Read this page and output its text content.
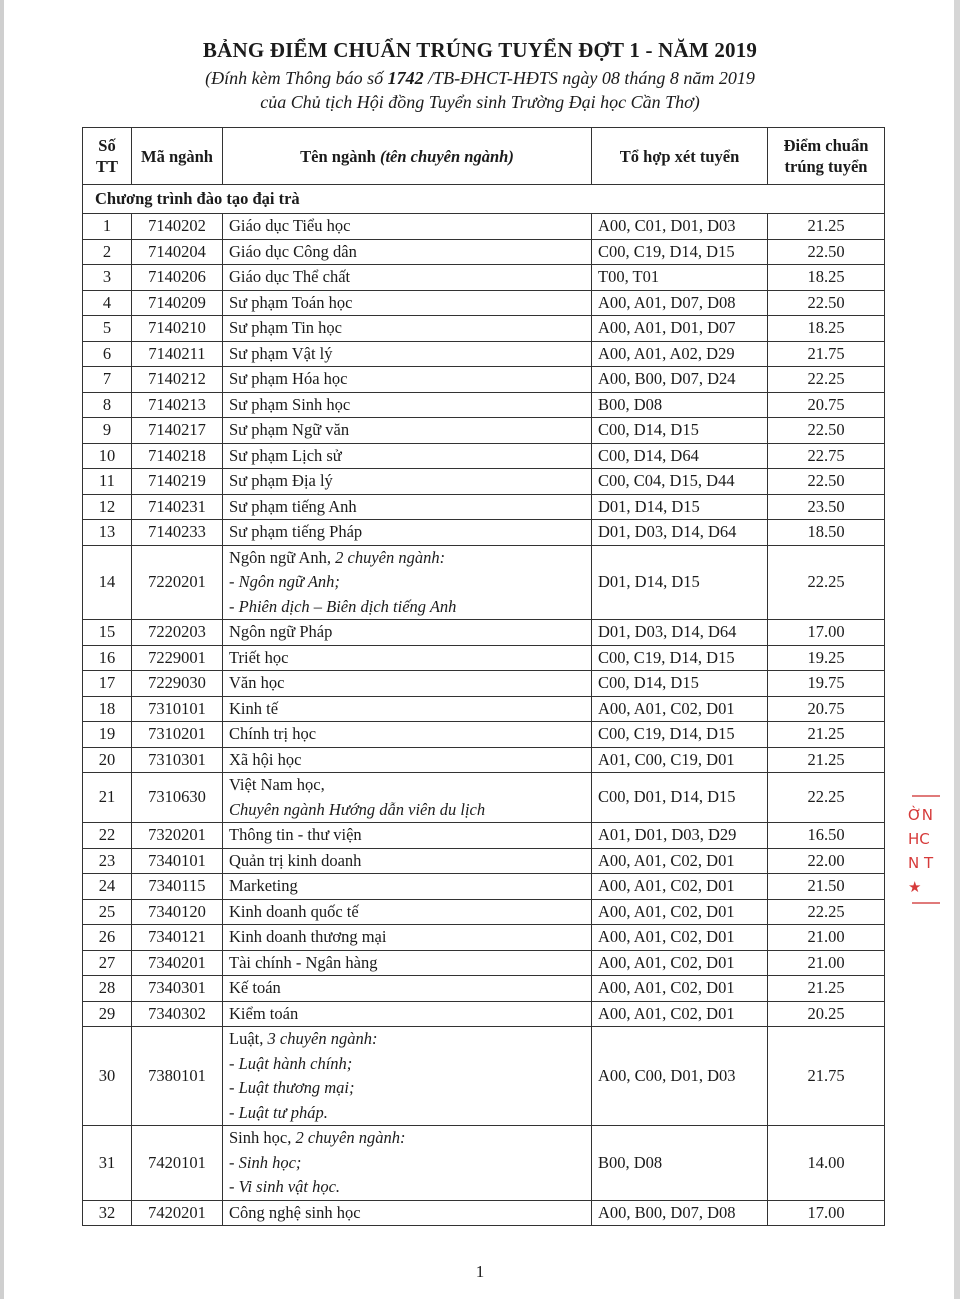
BẢNG ĐIỂM CHUẨN TRÚNG TUYỂN ĐỢT 1 - NĂM 2019
(Đính kèm Thông báo số 1742 /TB-ĐHCT-HĐTS ngày 08 tháng 8 năm 2019
của Chủ tịch Hội đồng Tuyển sinh Trường Đại học Cần Thơ)
Số
TT	Mã ngành	Tên ngành (tên chuyên ngành)	Tổ hợp xét tuyển	Điểm chuẩn
trúng tuyển
Chương trình đào tạo đại trà				
1	7140202	Giáo dục Tiểu học	A00, C01, D01, D03	21.25
2	7140204	Giáo dục Công dân	C00, C19, D14, D15	22.50
3	7140206	Giáo dục Thể chất	T00, T01	18.25
4	7140209	Sư phạm Toán học	A00, A01, D07, D08	22.50
5	7140210	Sư phạm Tin học	A00, A01, D01, D07	18.25
6	7140211	Sư phạm Vật lý	A00, A01, A02, D29	21.75
7	7140212	Sư phạm Hóa học	A00, B00, D07, D24	22.25
8	7140213	Sư phạm Sinh học	B00, D08	20.75
9	7140217	Sư phạm Ngữ văn	C00, D14, D15	22.50
10	7140218	Sư phạm Lịch sử	C00, D14, D64	22.75
11	7140219	Sư phạm Địa lý	C00, C04, D15, D44	22.50
12	7140231	Sư phạm tiếng Anh	D01, D14, D15	23.50
13	7140233	Sư phạm tiếng Pháp	D01, D03, D14, D64	18.50
14	7220201	Ngôn ngữ Anh, 2 chuyên ngành:
- Ngôn ngữ Anh;
- Phiên dịch – Biên dịch tiếng Anh	D01, D14, D15	22.25
15	7220203	Ngôn ngữ Pháp	D01, D03, D14, D64	17.00
16	7229001	Triết học	C00, C19, D14, D15	19.25
17	7229030	Văn học	C00, D14, D15	19.75
18	7310101	Kinh tế	A00, A01, C02, D01	20.75
19	7310201	Chính trị học	C00, C19, D14, D15	21.25
20	7310301	Xã hội học	A01, C00, C19, D01	21.25
21	7310630	Việt Nam học,
Chuyên ngành Hướng dẫn viên du lịch	C00, D01, D14, D15	22.25
22	7320201	Thông tin - thư viện	A01, D01, D03, D29	16.50
23	7340101	Quản trị kinh doanh	A00, A01, C02, D01	22.00
24	7340115	Marketing	A00, A01, C02, D01	21.50
25	7340120	Kinh doanh quốc tế	A00, A01, C02, D01	22.25
26	7340121	Kinh doanh thương mại	A00, A01, C02, D01	21.00
27	7340201	Tài chính - Ngân hàng	A00, A01, C02, D01	21.00
28	7340301	Kế toán	A00, A01, C02, D01	21.25
29	7340302	Kiểm toán	A00, A01, C02, D01	20.25
30	7380101	Luật, 3 chuyên ngành:
- Luật hành chính;
- Luật thương mại;
- Luật tư pháp.	A00, C00, D01, D03	21.75
31	7420101	Sinh học, 2 chuyên ngành:
- Sinh học;
- Vi sinh vật học.	B00, D08	14.00
32	7420201	Công nghệ sinh học	A00, B00, D07, D08	17.00
ỜN
HC
N T
★
1
